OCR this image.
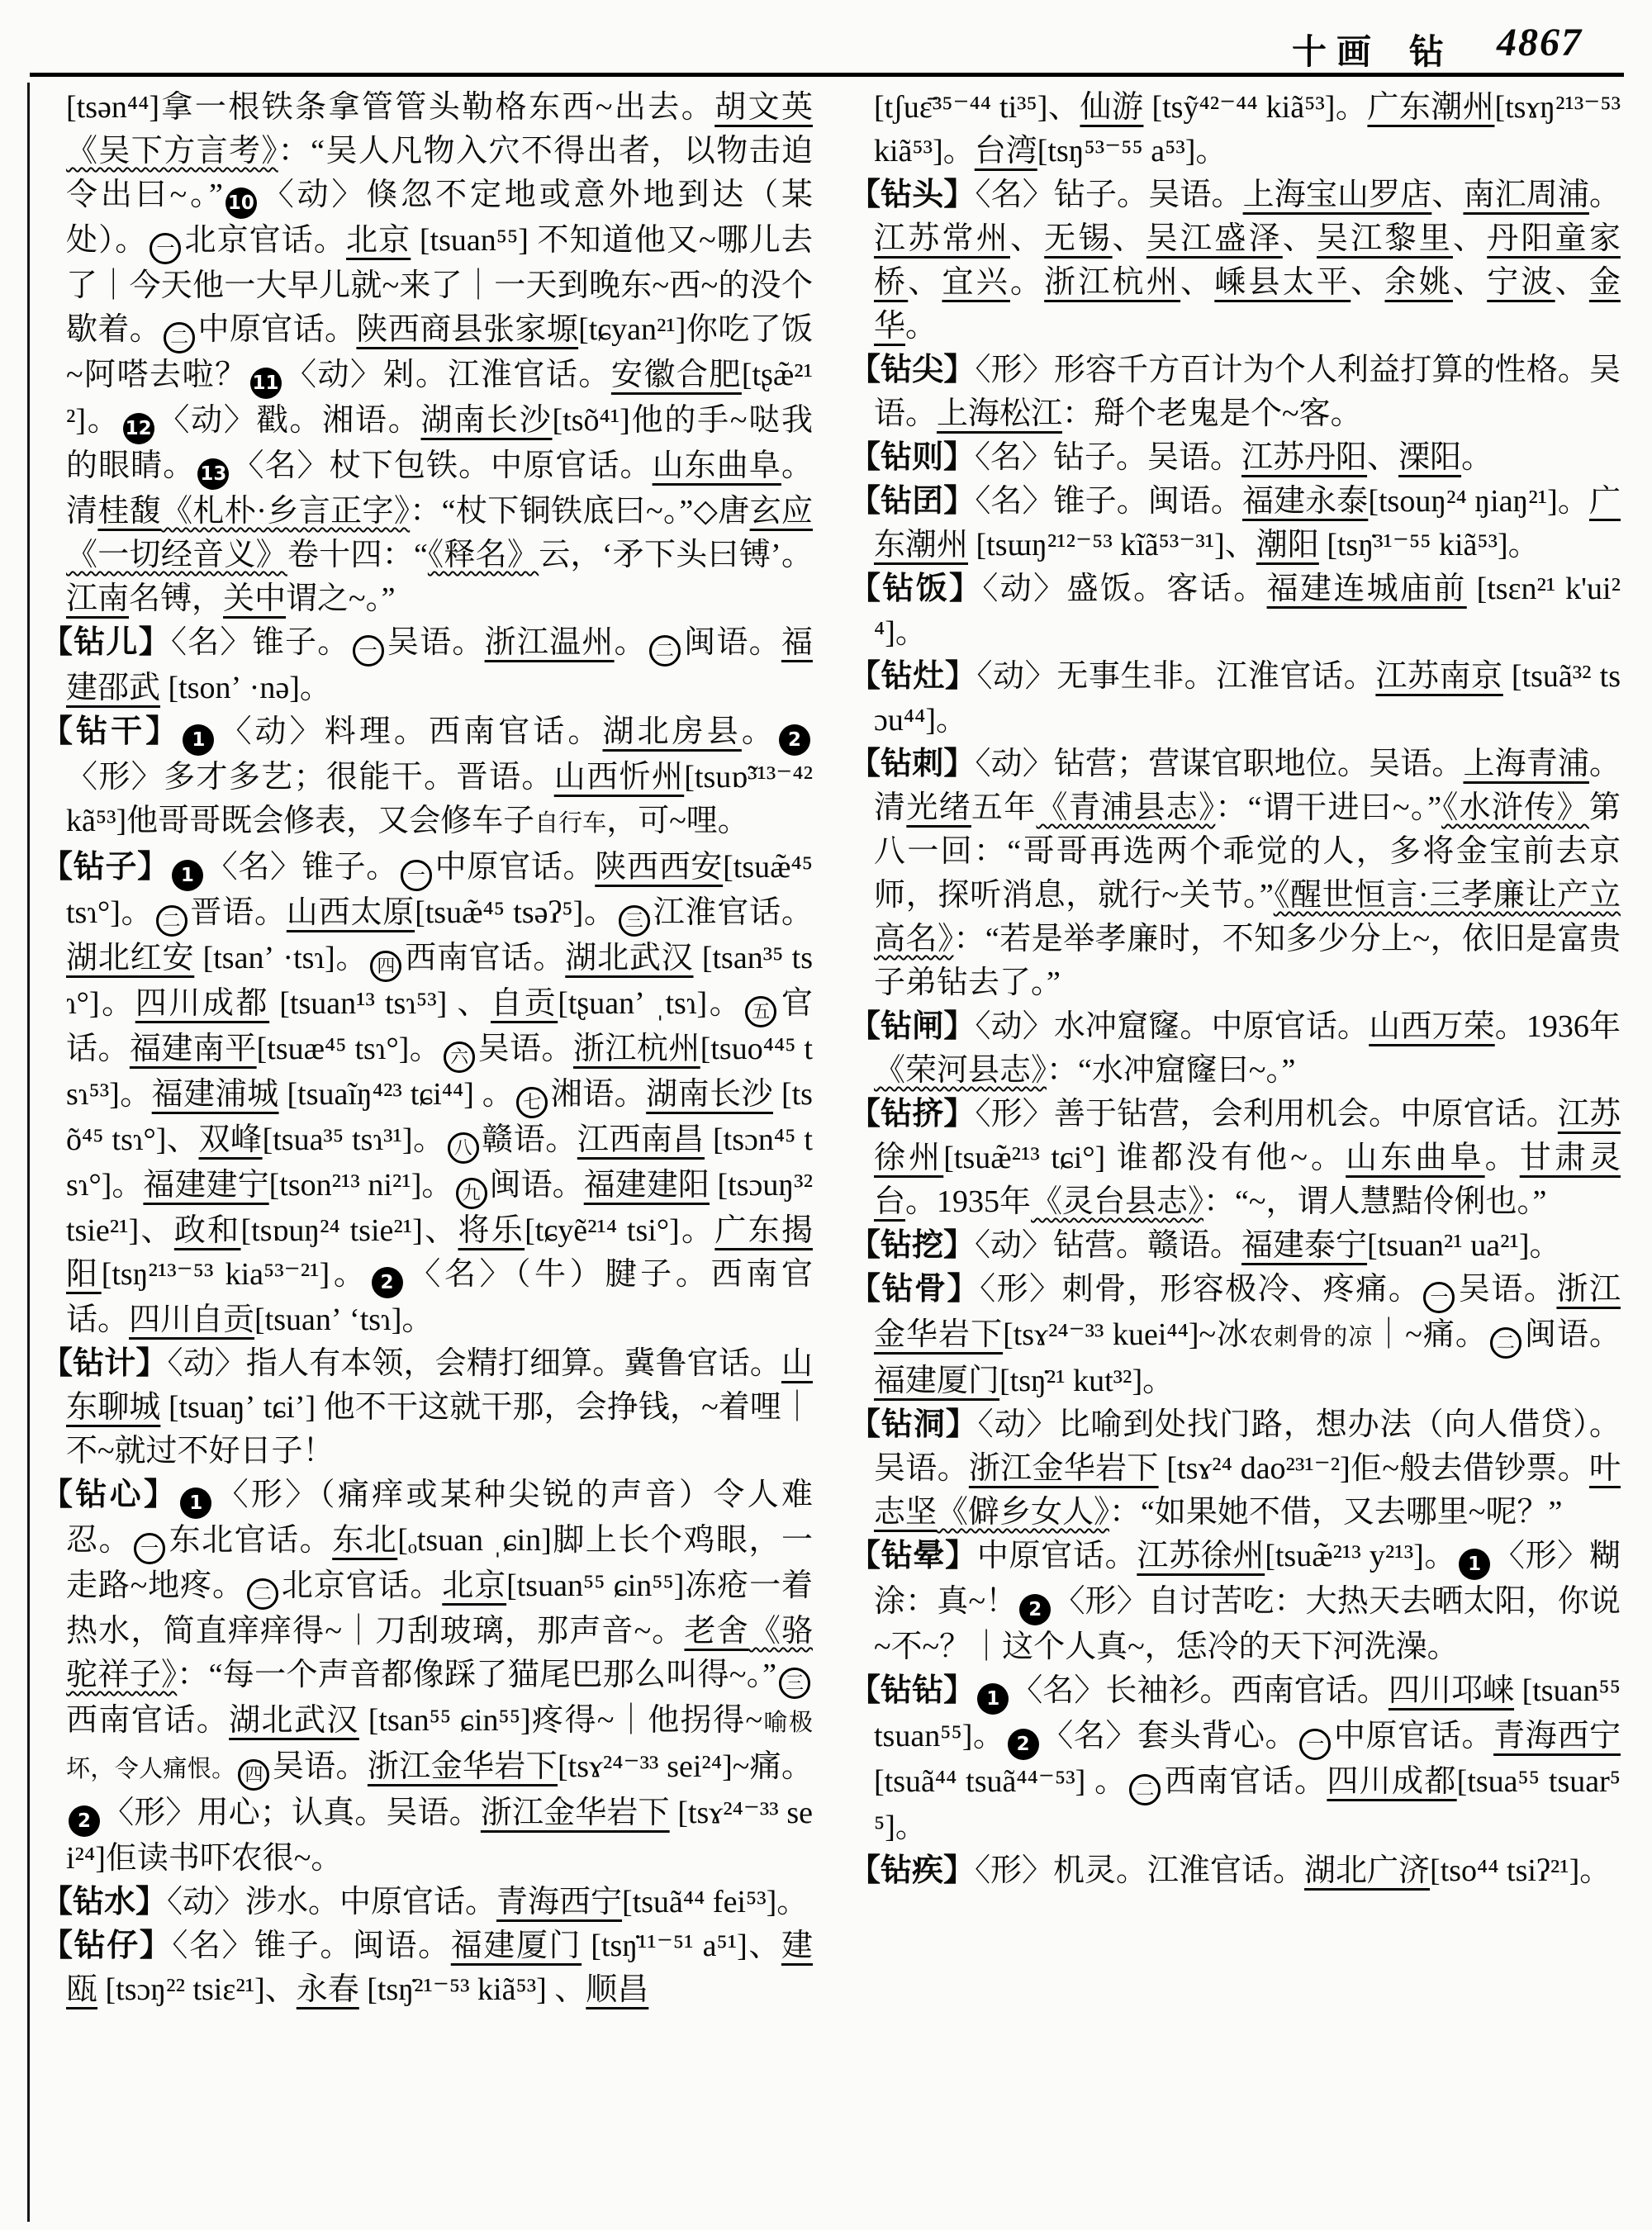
十画 钻 4867

[tsən⁴⁴]拿一根铁条拿管管头勒格东西~出去。胡文英《吴下方言考》：“吴人凡物入穴不得出者，以物击迫令出曰~。” 10 〈动〉倏忽不定地或意外地到达（某处）。 一 北京官话。北京 [tsuan⁵⁵] 不知道他又~哪儿去了｜今天他一大早儿就~来了｜一天到晚东~西~的没个歇着。 二 中原官话。陕西商县张家塬[tɕyan²¹]你吃了饭~阿嗒去啦？ 11 〈动〉剁。江淮官话。安徽合肥[tʂæ̃²¹²]。 12 〈动〉戳。湘语。湖南长沙[tsõ⁴¹]他的手~哒我的眼睛。 13 〈名〉杖下包铁。中原官话。山东曲阜。清桂馥《札朴·乡言正字》：“杖下铜铁底曰~。”◇唐玄应《一切经音义》卷十四：“《释名》云，‘矛下头曰镈’。江南名镈，关中谓之~。”

【钻儿】〈名〉锥子。 一 吴语。浙江温州。 二 闽语。福建邵武 [tsonʼ ·nə]。

【钻干】 1 〈动〉料理。西南官话。湖北房县。 2〈形〉多才多艺；很能干。晋语。山西忻州[tsuɒ̃³¹³⁻⁴² kã⁵³]他哥哥既会修表，又会修车子自行车，可~哩。

【钻子】 1 〈名〉锥子。 一 中原官话。陕西西安[tsuæ̃⁴⁵ tsɿ°]。 二 晋语。山西太原[tsuæ̃⁴⁵ tsəʔ⁵]。 三 江淮官话。湖北红安 [tsanʼ ·tsɿ]。 四 西南官话。湖北武汉 [tsan³⁵ tsɿ°]。四川成都 [tsuan¹³ tsɿ⁵³] 、自贡[tʂuanʼ ˌtsɿ]。 五 官话。福建南平[tsuæ⁴⁵ tsɿ°]。 六 吴语。浙江杭州[tsuo⁴⁴⁵ tsɿ⁵³]。福建浦城 [tsuaĩŋ⁴²³ tɕi⁴⁴] 。 七 湘语。湖南长沙 [tsõ⁴⁵ tsɿ°]、双峰[tsua³⁵ tsɿ³¹]。 八 赣语。江西南昌 [tsɔn⁴⁵ tsɿ°]。福建建宁[tson²¹³ ni²¹]。 九 闽语。福建建阳 [tsɔuŋ³² tsie²¹]、政和[tsɒuŋ²⁴ tsie²¹]、将乐[tɕyẽ²¹⁴ tsi°]。广东揭阳[tsŋ²¹³⁻⁵³ kia⁵³⁻²¹]。 2 〈名〉（牛）腱子。西南官话。四川自贡[tsuanʼ ʻtsɿ]。

【钻计】〈动〉指人有本领，会精打细算。冀鲁官话。山东聊城 [tsuaŋʼ tɕiʼ] 他不干这就干那，会挣钱，~着哩｜不~就过不好日子！

【钻心】 1 〈形〉（痛痒或某种尖锐的声音）令人难忍。 一 东北官话。东北[ₒtsuan ˌɕin]脚上长个鸡眼，一走路~地疼。 二 北京官话。北京[tsuan⁵⁵ ɕin⁵⁵]冻疮一着热水，简直痒痒得~｜刀刮玻璃，那声音~。老舍《骆驼祥子》：“每一个声音都像踩了猫尾巴那么叫得~。” 三西南官话。湖北武汉 [tsan⁵⁵ ɕin⁵⁵]疼得~｜他拐得~喻极坏，令人痛恨。 四 吴语。浙江金华岩下[tsɤ²⁴⁻³³ sei²⁴]~痛。2 〈形〉用心；认真。吴语。浙江金华岩下 [tsɤ²⁴⁻³³ sei²⁴]佢读书吓农很~。

【钻水】〈动〉涉水。中原官话。青海西宁[tsuã⁴⁴ fei⁵³]。

【钻仔】〈名〉锥子。闽语。福建厦门 [tsŋ̇¹¹⁻⁵¹ a⁵¹]、建瓯 [tsɔŋ²² tsiɛ²¹]、永春 [tsŋ̇²¹⁻⁵³ kiã⁵³] 、顺昌

[tʃuɛ̄³⁵⁻⁴⁴ ti³⁵]、仙游 [tsỹ⁴²⁻⁴⁴ kiã⁵³]。广东潮州[tsɤŋ²¹³⁻⁵³ kiã⁵³]。台湾[tsŋ⁵³⁻⁵⁵ a⁵³]。

【钻头】〈名〉钻子。吴语。上海宝山罗店、南汇周浦。江苏常州、无锡、吴江盛泽、吴江黎里、丹阳童家桥、宜兴。浙江杭州、嵊县太平、余姚、宁波、金华。

【钻尖】〈形〉形容千方百计为个人利益打算的性格。吴语。上海松江：搿个老鬼是个~客。

【钻则】〈名〉钻子。吴语。江苏丹阳、溧阳。

【钻囝】〈名〉锥子。闽语。福建永泰[tsouŋ²⁴ ŋiaŋ²¹]。广东潮州 [tsɯŋ²¹²⁻⁵³ kĩã⁵³⁻³¹]、潮阳 [tsŋ̇³¹⁻⁵⁵ kiã⁵³]。

【钻饭】〈动〉盛饭。客话。福建连城庙前 [tsɛn²¹ k'ui²⁴]。

【钻灶】〈动〉无事生非。江淮官话。江苏南京 [tsuã³² tsɔu⁴⁴]。

【钻刺】〈动〉钻营；营谋官职地位。吴语。上海青浦。清光绪五年《青浦县志》：“谓干进曰~。”《水浒传》第八一回：“哥哥再选两个乖觉的人，多将金宝前去京师，探听消息，就行~关节。”《醒世恒言·三孝廉让产立高名》：“若是举孝廉时，不知多少分上~，依旧是富贵子弟钻去了。”

【钻闸】〈动〉水冲窟窿。中原官话。山西万荣。1936年《荣河县志》：“水冲窟窿曰~。”

【钻挤】〈形〉善于钻营，会利用机会。中原官话。江苏徐州[tsuæ̃²¹³ tɕi°] 谁都没有他~。山东曲阜。甘肃灵台。1935年《灵台县志》：“~，谓人慧黠伶俐也。”

【钻挖】〈动〉钻营。赣语。福建泰宁[tsuan²¹ ua²¹]。

【钻骨】〈形〉刺骨，形容极冷、疼痛。 一 吴语。浙江金华岩下[tsɤ²⁴⁻³³ kuei⁴⁴]~冰农刺骨的凉｜~痛。 二 闽语。福建厦门[tsŋ̇²¹ kut³²]。

【钻洞】〈动〉比喻到处找门路，想办法（向人借贷）。吴语。浙江金华岩下 [tsɤ²⁴ dao²³¹⁻²]佢~般去借钞票。叶志坚《僻乡女人》：“如果她不借，又去哪里~呢？”

【钻晕】中原官话。江苏徐州[tsuæ̃²¹³ y²¹³]。 1 〈形〉糊涂：真~！ 2 〈形〉自讨苦吃：大热天去晒太阳，你说~不~？｜这个人真~，恁冷的天下河洗澡。

【钻钻】 1 〈名〉长袖衫。西南官话。四川邛崃 [tsuan⁵⁵ tsuan⁵⁵]。 2 〈名〉套头背心。 一 中原官话。青海西宁 [tsuã⁴⁴ tsuã⁴⁴⁻⁵³] 。 二 西南官话。四川成都[tsua⁵⁵ tsuar⁵⁵]。

【钻疾】〈形〉机灵。江淮官话。湖北广济[tso⁴⁴ tsiʔ²¹]。
